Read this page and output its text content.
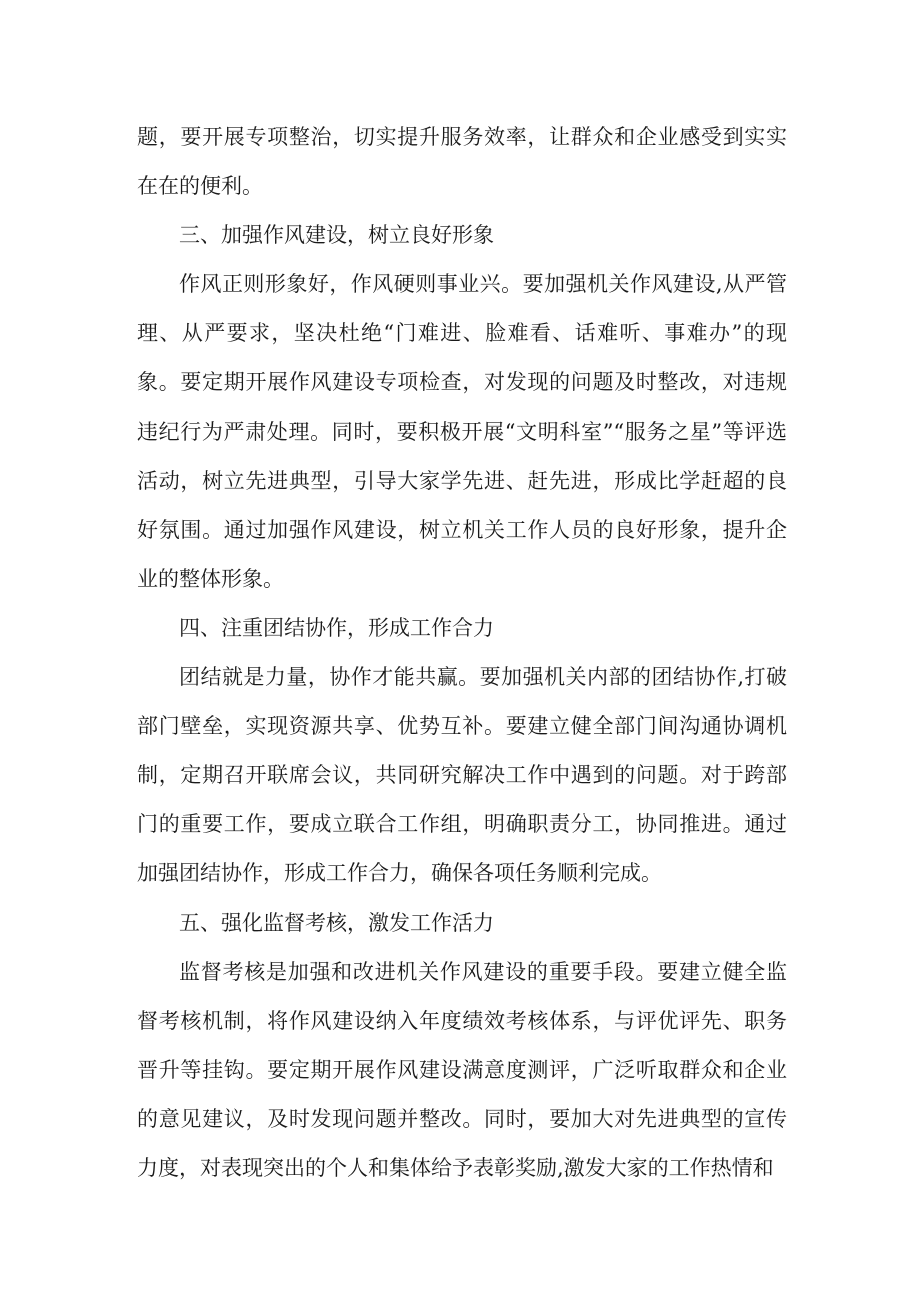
题，要开展专项整治，切实提升服务效率，让群众和企业感受到实实在在的便利。

三、加强作风建设，树立良好形象

作风正则形象好，作风硬则事业兴。要加强机关作风建设,从严管理、从严要求，坚决杜绝“门难进、脸难看、话难听、事难办”的现象。要定期开展作风建设专项检查，对发现的问题及时整改，对违规违纪行为严肃处理。同时，要积极开展“文明科室”“服务之星”等评选活动，树立先进典型，引导大家学先进、赶先进，形成比学赶超的良好氛围。通过加强作风建设，树立机关工作人员的良好形象，提升企业的整体形象。

四、注重团结协作，形成工作合力

团结就是力量，协作才能共赢。要加强机关内部的团结协作,打破部门壁垒，实现资源共享、优势互补。要建立健全部门间沟通协调机制，定期召开联席会议，共同研究解决工作中遇到的问题。对于跨部门的重要工作，要成立联合工作组，明确职责分工，协同推进。通过加强团结协作，形成工作合力，确保各项任务顺利完成。

五、强化监督考核，激发工作活力

监督考核是加强和改进机关作风建设的重要手段。要建立健全监督考核机制，将作风建设纳入年度绩效考核体系，与评优评先、职务晋升等挂钩。要定期开展作风建设满意度测评，广泛听取群众和企业的意见建议，及时发现问题并整改。同时，要加大对先进典型的宣传力度，对表现突出的个人和集体给予表彰奖励,激发大家的工作热情和
